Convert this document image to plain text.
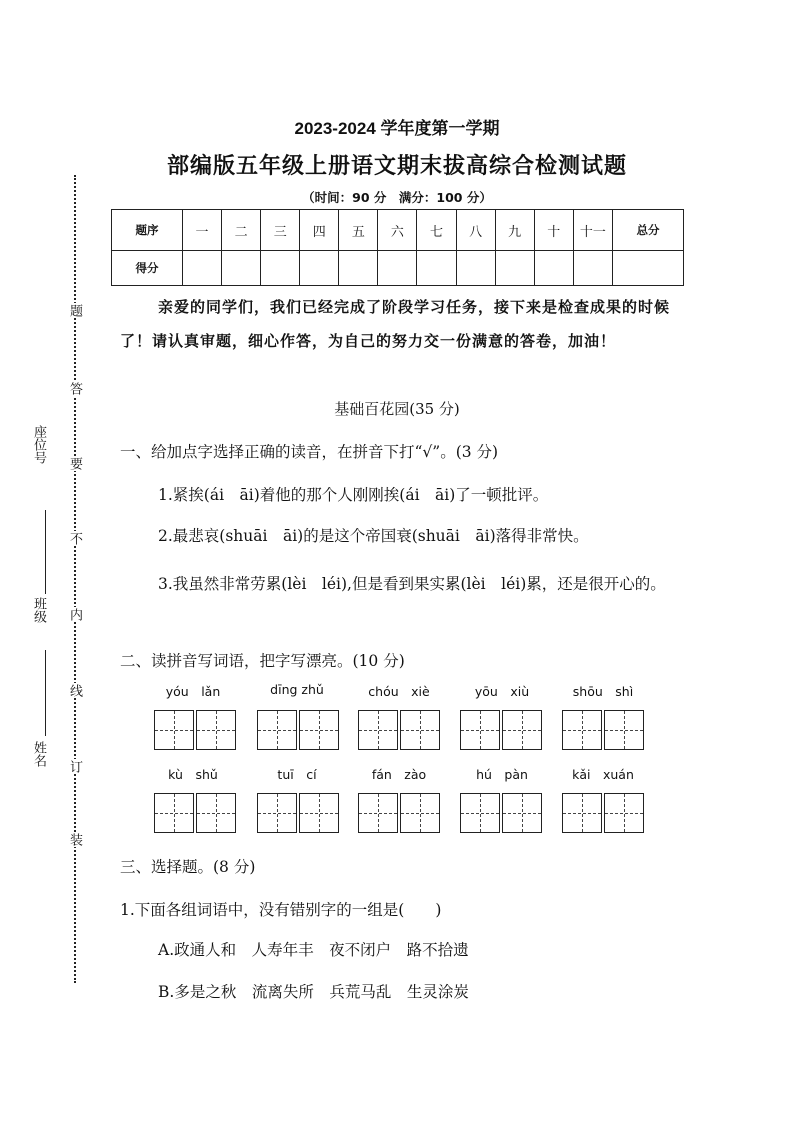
题
答
要
不
内
线
订
装
座位号
班级
姓名
2023-2024 学年度第一学期
部编版五年级上册语文期末拔高综合检测试题
（时间：90 分　满分：100 分）
题序	一	二	三	四	五	六	七	八	九	十	十一	总分
得分												
亲爱的同学们，我们已经完成了阶段学习任务，接下来是检查成果的时候了！请认真审题，细心作答，为自己的努力交一份满意的答卷，加油！
基础百花园(35 分)
一、给加点字选择正确的读音，在拼音下打“√”。(3 分)
1.紧挨(ái　āi)着他的那个人刚刚挨(ái　āi)了一顿批评。
2.最悲哀(shuāi　āi)的是这个帝国衰(shuāi　āi)落得非常快。
3.我虽然非常劳累(lèi　léi),但是看到果实累(lèi　léi)累，还是很开心的。
二、读拼音写词语，把字写漂亮。(10 分)
yóu　lǎn	dīng zhǔ	chóu　xiè	yōu　xiù	shōu　shì
kù　shǔ	tuī　cí	fán　zào	hú　pàn	kǎi　xuán
三、选择题。(8 分)
1.下面各组词语中，没有错别字的一组是(　　)
A.政通人和　人寿年丰　夜不闭户　路不拾遗
B.多是之秋　流离失所　兵荒马乱　生灵涂炭
